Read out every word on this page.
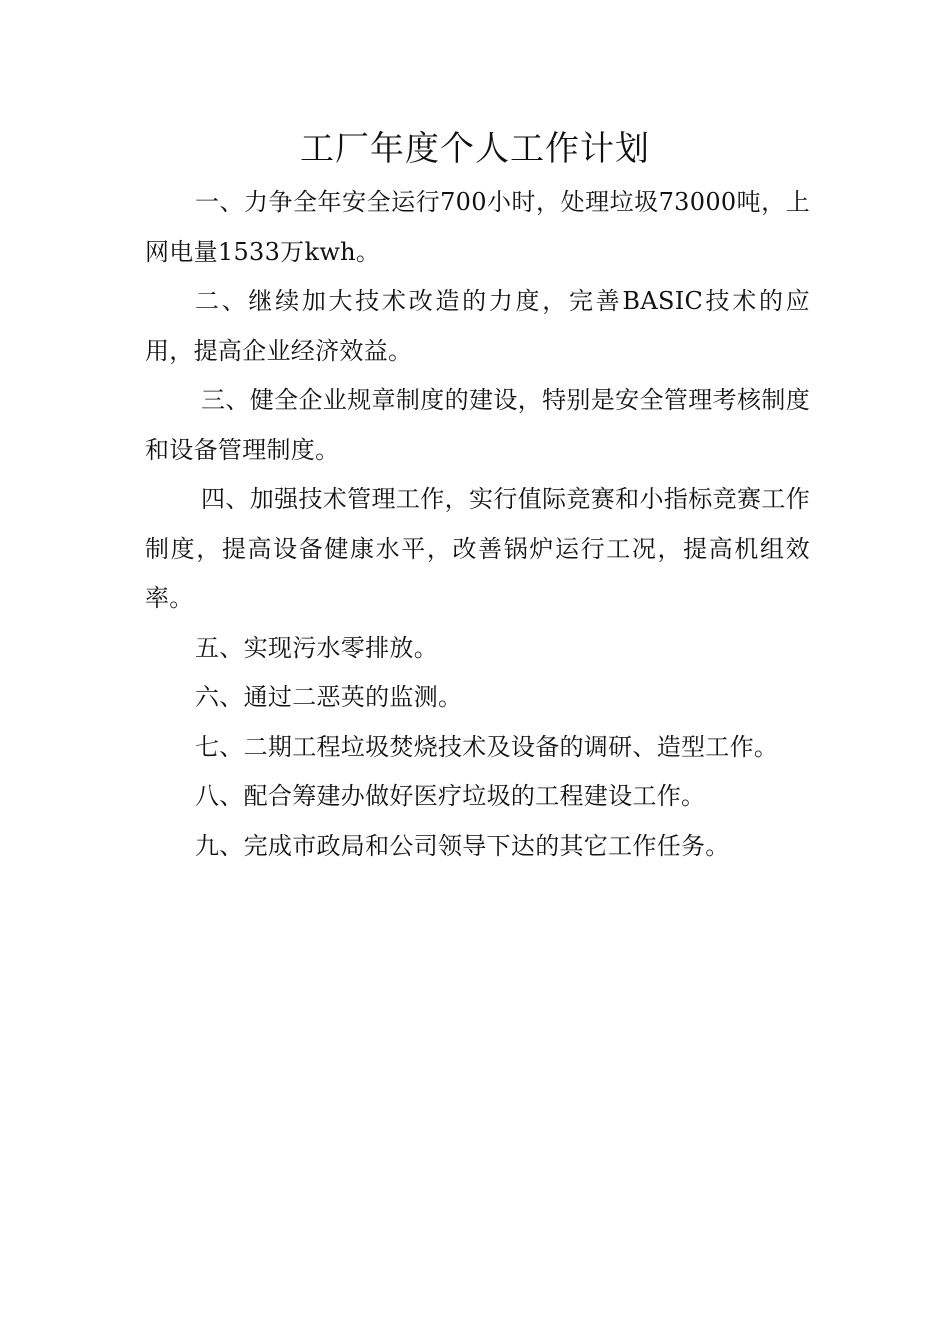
工厂年度个人工作计划

一、力争全年安全运行700小时，处理垃圾73000吨，上网电量1533万kwh。

二、继续加大技术改造的力度，完善BASIC技术的应用，提高企业经济效益。

三、健全企业规章制度的建设，特别是安全管理考核制度和设备管理制度。

四、加强技术管理工作，实行值际竞赛和小指标竞赛工作制度，提高设备健康水平，改善锅炉运行工况，提高机组效率。

五、实现污水零排放。

六、通过二恶英的监测。

七、二期工程垃圾焚烧技术及设备的调研、造型工作。

八、配合筹建办做好医疗垃圾的工程建设工作。

九、完成市政局和公司领导下达的其它工作任务。
